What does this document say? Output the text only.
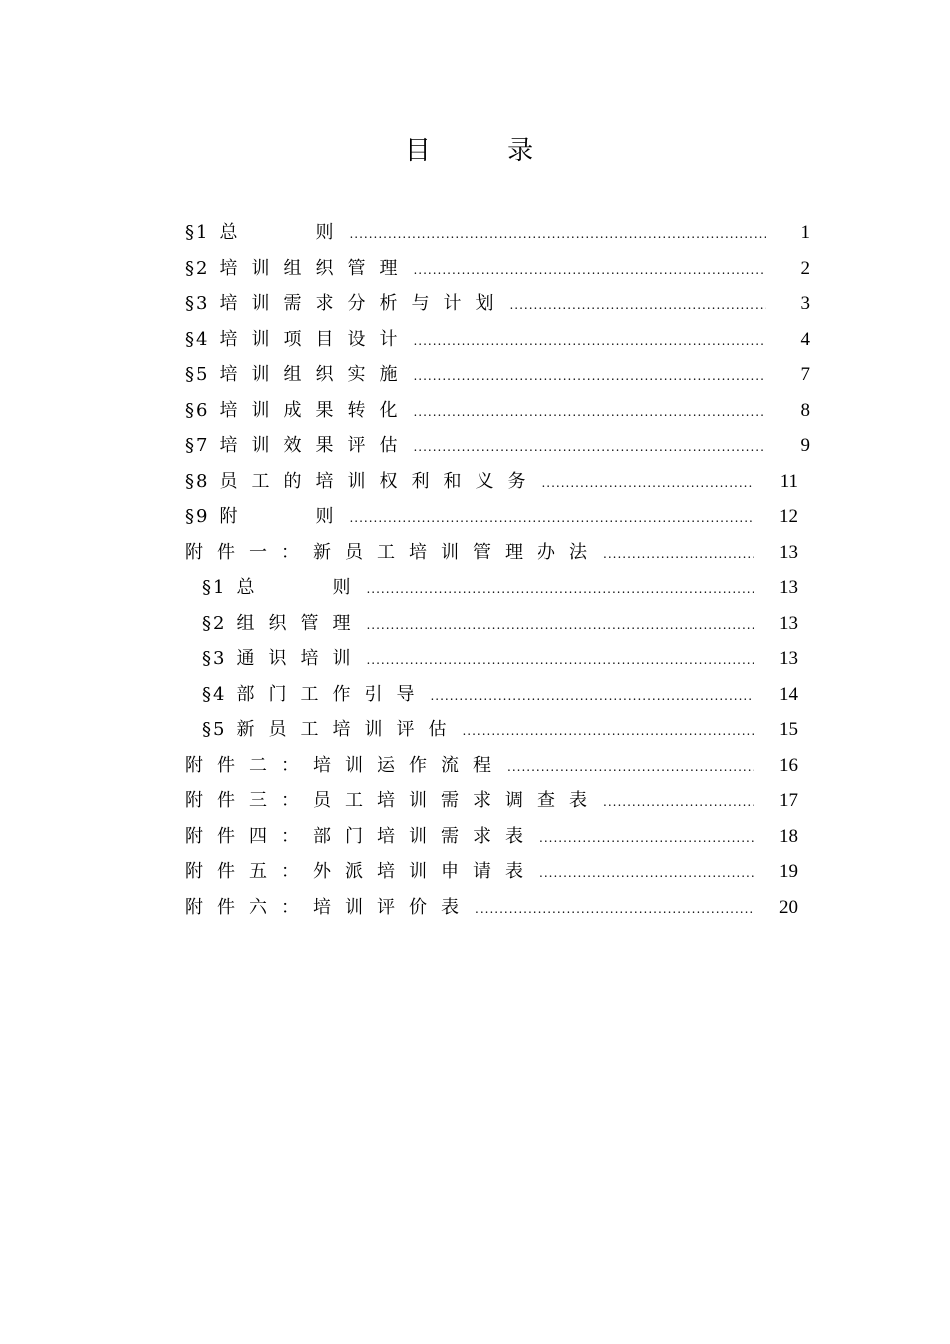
目 录
§1 总　　则 .....	1
§2 培训组织管理 .....	2
§3 培训需求分析与计划 .....	3
§4 培训项目设计 .....	4
§5 培训组织实施 .....	7
§6 培训成果转化 .....	8
§7 培训效果评估 .....	9
§8 员工的培训权利和义务 .....	11
§9 附　　则 .....	12
附件一：新员工培训管理办法 .....	13
§1 总　　则 .....	13
§2 组织管理 .....	13
§3 通识培训 .....	13
§4 部门工作引导 .....	14
§5 新员工培训评估 .....	15
附件二：培训运作流程 .....	16
附件三：员工培训需求调查表 .....	17
附件四：部门培训需求表 .....	18
附件五：外派培训申请表 .....	19
附件六：培训评价表 .....	20
